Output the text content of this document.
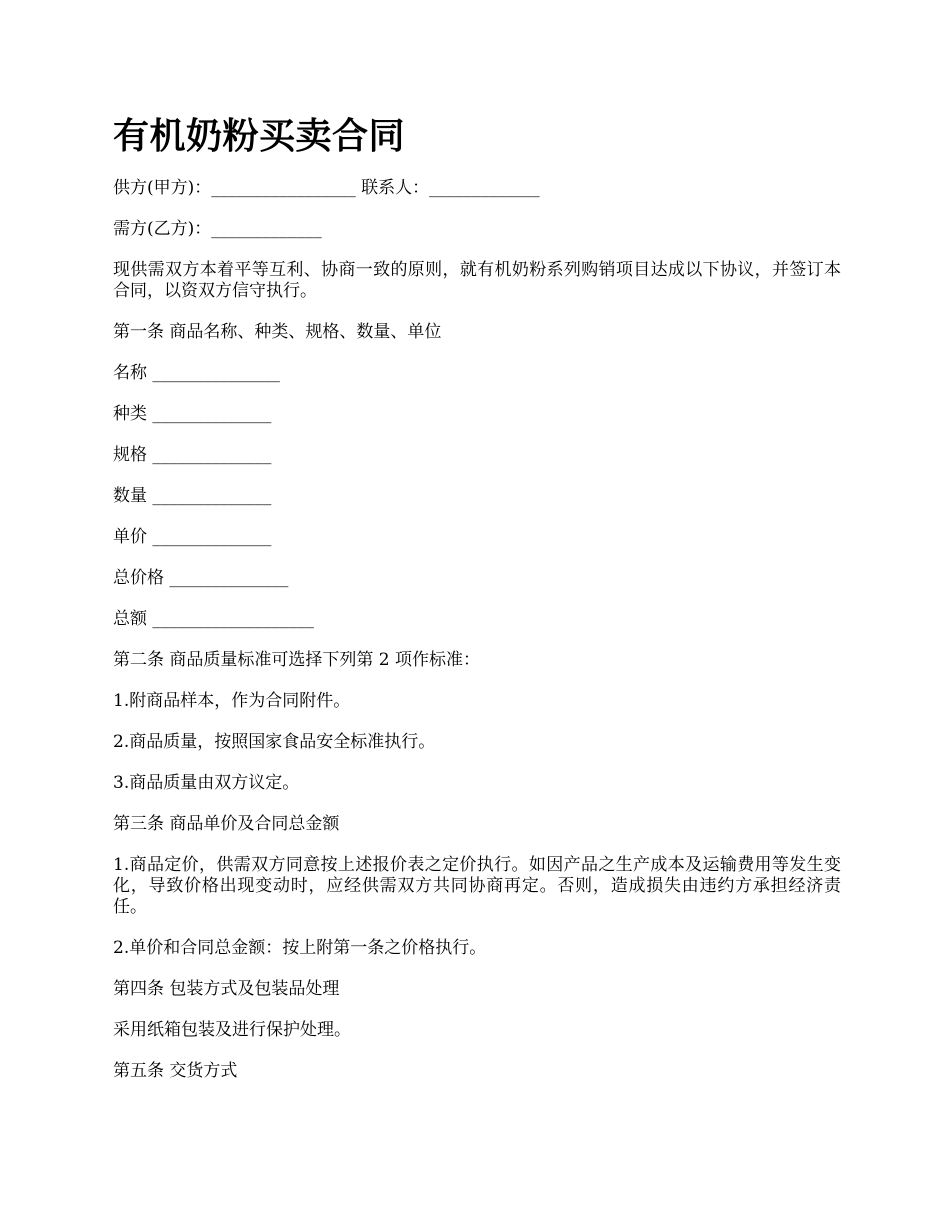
有机奶粉买卖合同

供方(甲方)：_________________ 联系人：_____________

需方(乙方)：_____________

现供需双方本着平等互利、协商一致的原则，就有机奶粉系列购销项目达成以下协议，并签订本合同，以资双方信守执行。

第一条 商品名称、种类、规格、数量、单位

名称 _______________

种类 ______________

规格 ______________

数量 ______________

单价 ______________

总价格 ______________

总额 ___________________

第二条 商品质量标准可选择下列第 2 项作标准：

1.附商品样本，作为合同附件。

2.商品质量，按照国家食品安全标准执行。

3.商品质量由双方议定。

第三条 商品单价及合同总金额

1.商品定价，供需双方同意按上述报价表之定价执行。如因产品之生产成本及运输费用等发生变化，导致价格出现变动时，应经供需双方共同协商再定。否则，造成损失由违约方承担经济责任。

2.单价和合同总金额：按上附第一条之价格执行。

第四条 包装方式及包装品处理

采用纸箱包装及进行保护处理。

第五条 交货方式
